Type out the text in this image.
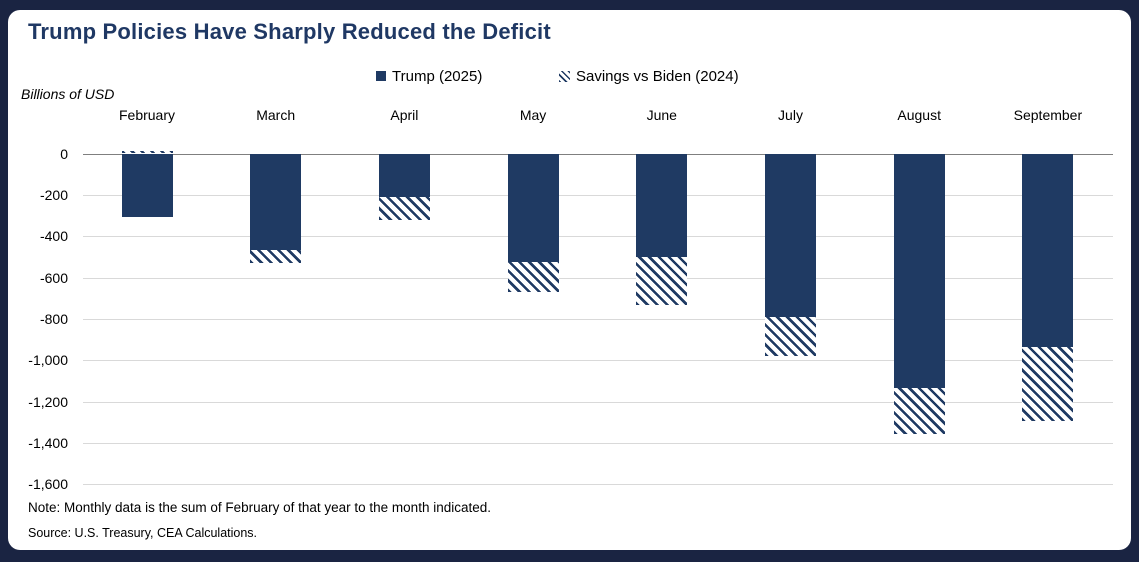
Trump Policies Have Sharply Reduced the Deficit
Trump (2025)	Savings vs Biden (2024)
Billions of USD
February	March	April	May	June	July	August	September
0
-200
-400
-600
-800
-1,000
-1,200
-1,400
-1,600
Note: Monthly data is the sum of February of that year to the month indicated.
Source: U.S. Treasury, CEA Calculations.
